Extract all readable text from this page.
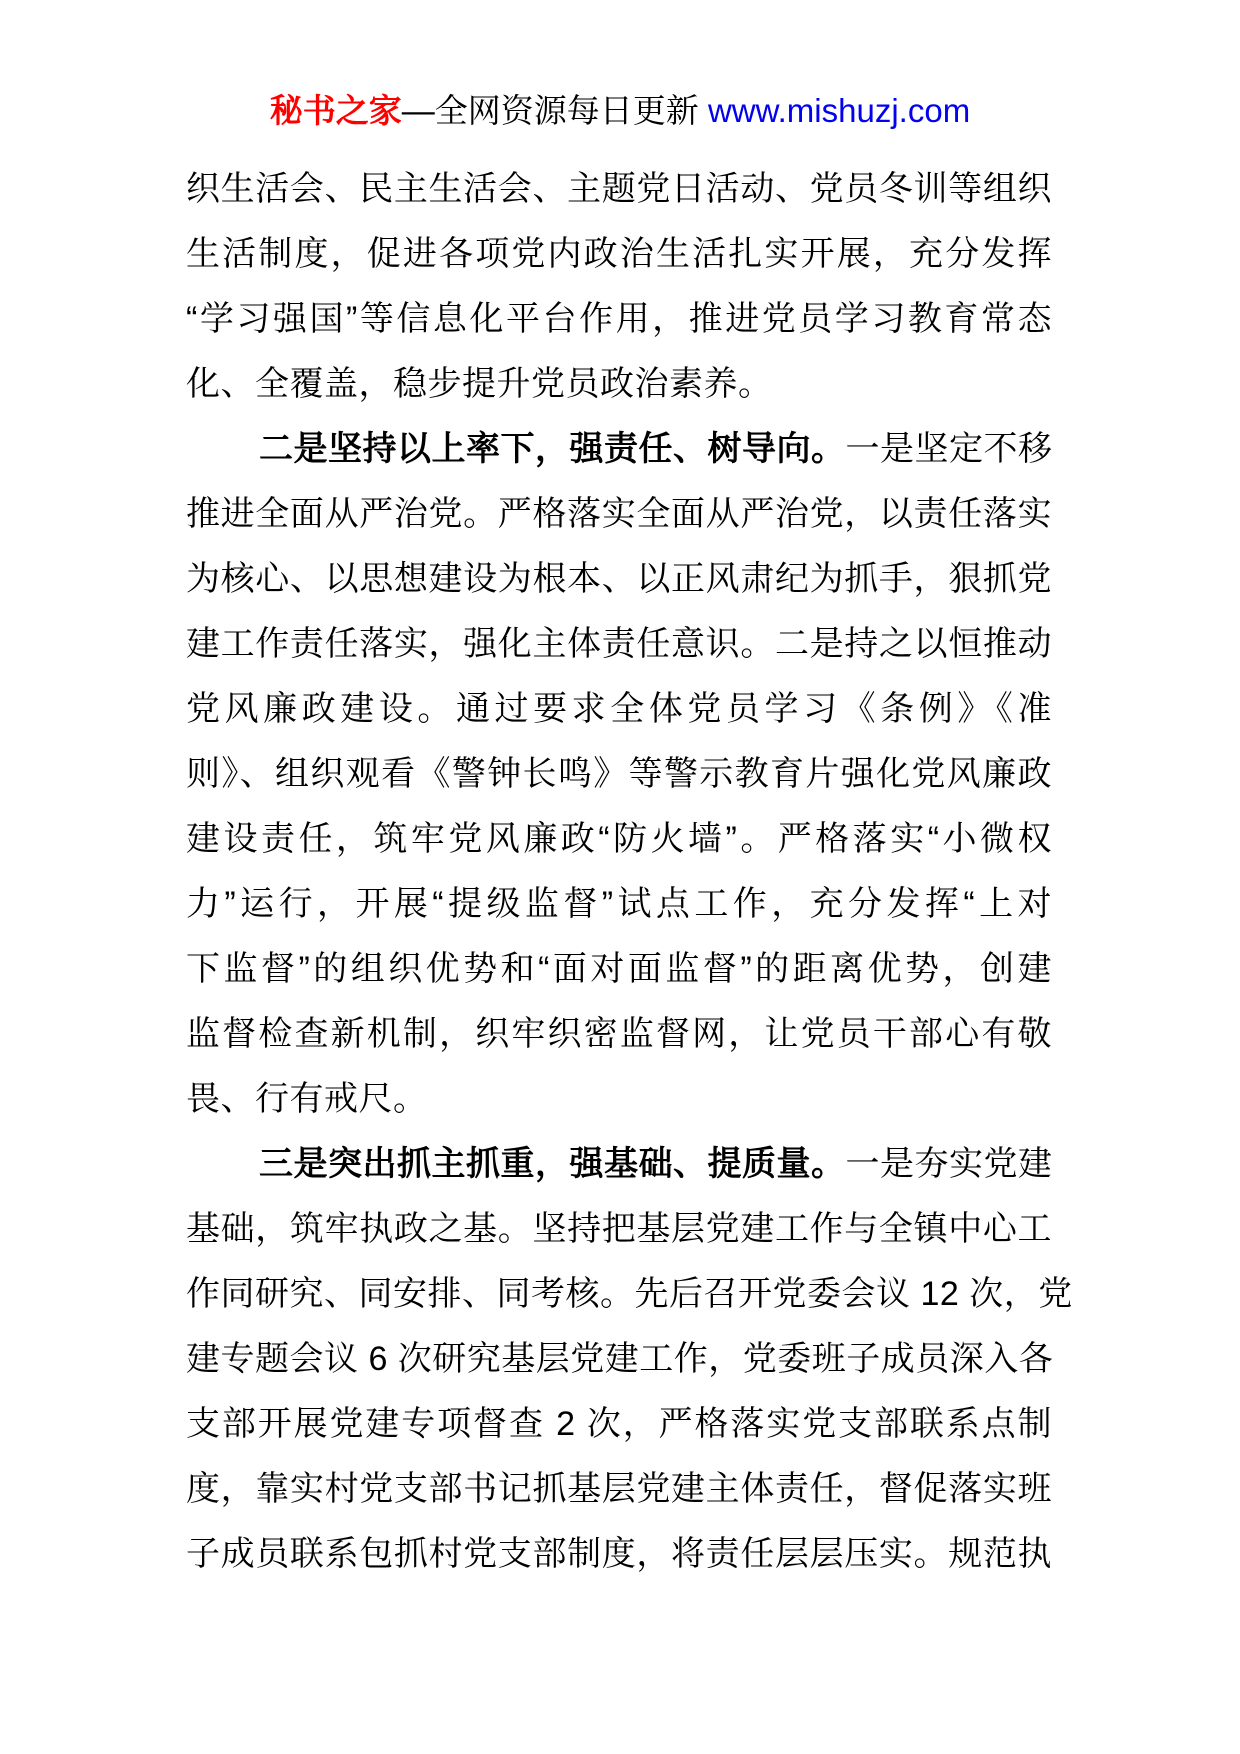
秘书之家—全网资源每日更新 www.mishuzj.com
织生活会、民主生活会、主题党日活动、党员冬训等组织
生活制度，促进各项党内政治生活扎实开展，充分发挥
“学习强国”等信息化平台作用，推进党员学习教育常态
化、全覆盖，稳步提升党员政治素养。
二是坚持以上率下，强责任、树导向。一是坚定不移
推进全面从严治党。严格落实全面从严治党，以责任落实
为核心、以思想建设为根本、以正风肃纪为抓手，狠抓党
建工作责任落实，强化主体责任意识。二是持之以恒推动
党风廉政建设。通过要求全体党员学习《条例》《准
则》、组织观看《警钟长鸣》等警示教育片强化党风廉政
建设责任，筑牢党风廉政“防火墙”。严格落实“小微权
力”运行，开展“提级监督”试点工作，充分发挥“上对
下监督”的组织优势和“面对面监督”的距离优势，创建
监督检查新机制，织牢织密监督网，让党员干部心有敬
畏、行有戒尺。
三是突出抓主抓重，强基础、提质量。一是夯实党建
基础，筑牢执政之基。坚持把基层党建工作与全镇中心工
作同研究、同安排、同考核。先后召开党委会议 12 次，党
建专题会议 6 次研究基层党建工作，党委班子成员深入各
支部开展党建专项督查 2 次，严格落实党支部联系点制
度，靠实村党支部书记抓基层党建主体责任，督促落实班
子成员联系包抓村党支部制度，将责任层层压实。规范执
